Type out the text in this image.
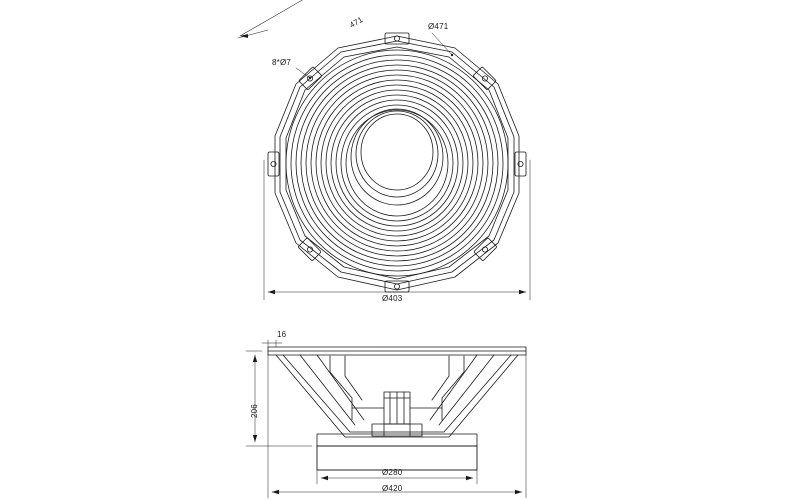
471	Ø471
8*Ø7
Ø403
16
206
Ø280
Ø420
